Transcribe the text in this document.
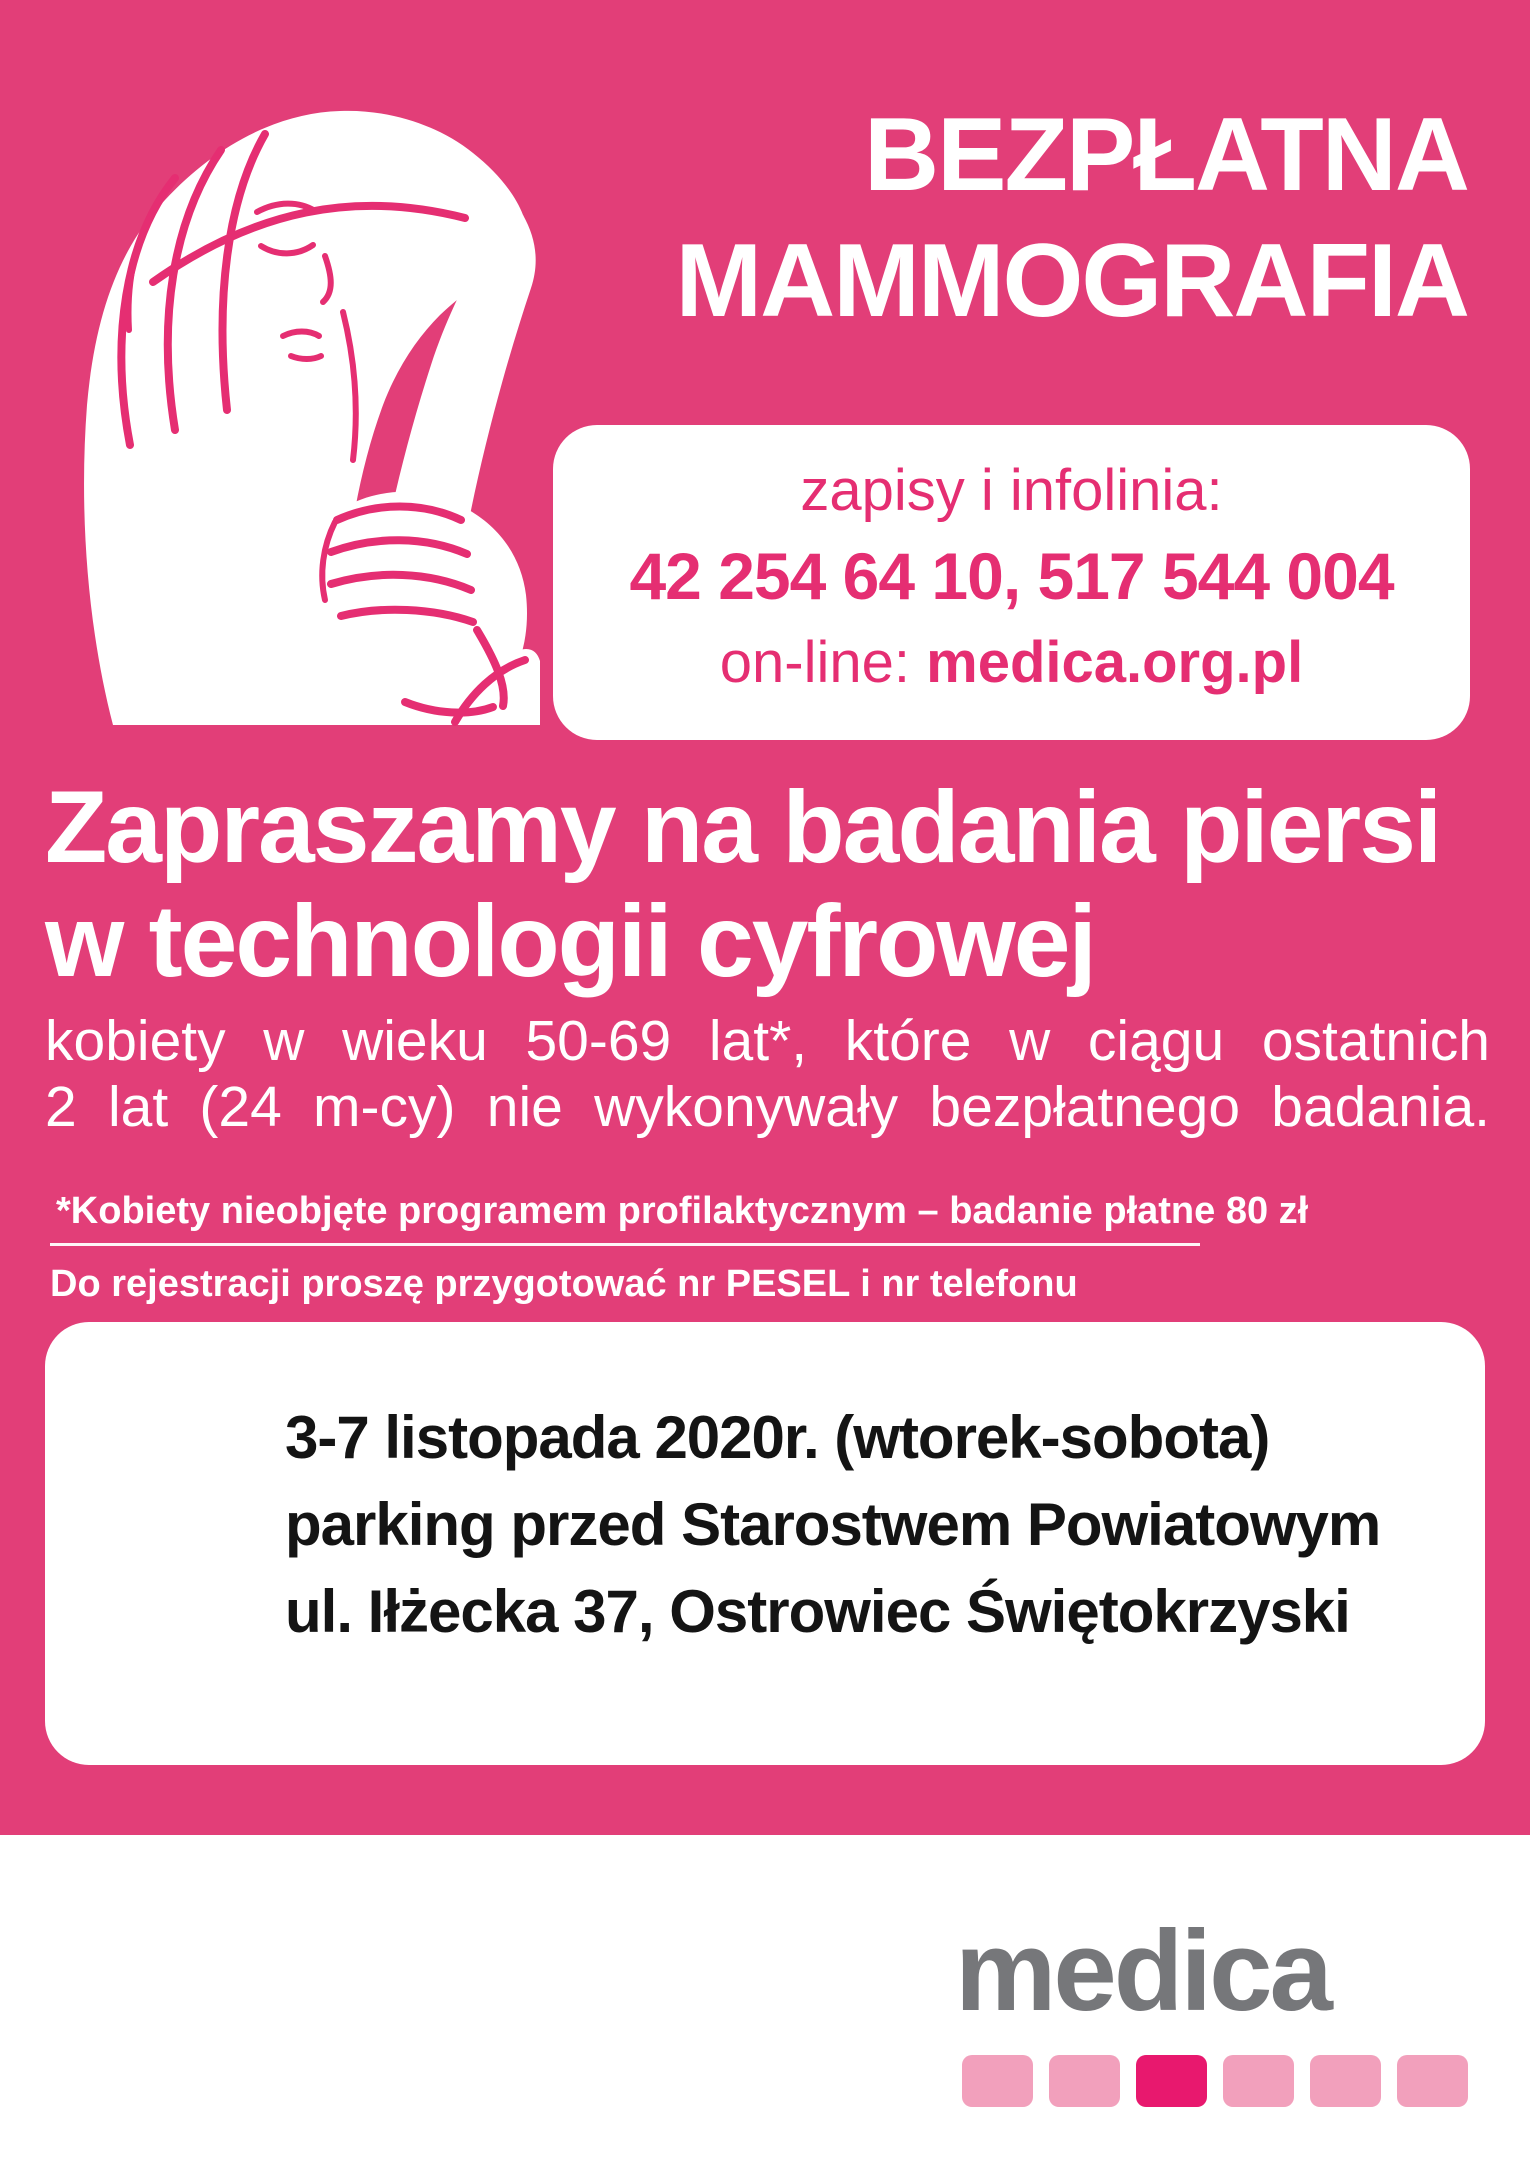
BEZPŁATNA
MAMMOGRAFIA
zapisy i infolinia:
42 254 64 10, 517 544 004
on-line: medica.org.pl
Zapraszamy na badania piersi
w technologii cyfrowej

kobiety w wieku 50-69 lat*, które w ciągu ostatnich
2 lat (24 m-cy) nie wykonywały bezpłatnego badania.

*Kobiety nieobjęte programem profilaktycznym – badanie płatne 80 zł
Do rejestracji proszę przygotować nr PESEL i nr telefonu
3-7 listopada 2020r. (wtorek-sobota)
parking przed Starostwem Powiatowym
ul. Iłżecka 37, Ostrowiec Świętokrzyski
medica
